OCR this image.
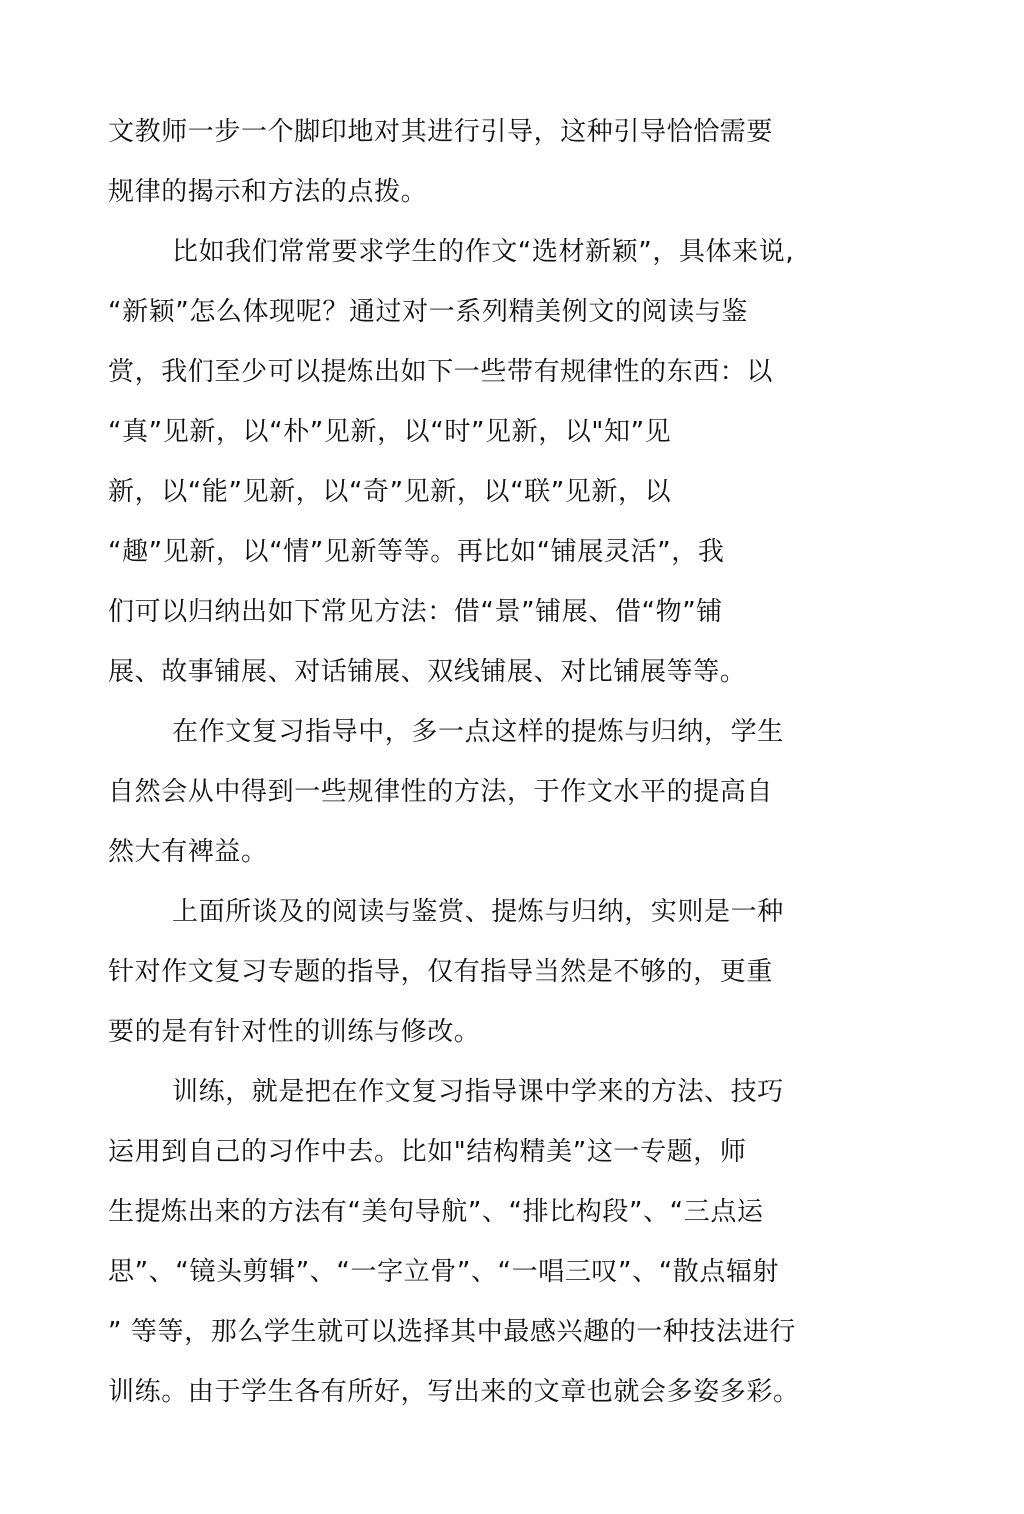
文教师一步一个脚印地对其进行引导，这种引导恰恰需要
规律的揭示和方法的点拨。
比如我们常常要求学生的作文“选材新颖”，具体来说,
“新颖”怎么体现呢？通过对一系列精美例文的阅读与鉴
赏，我们至少可以提炼出如下一些带有规律性的东西：以
“真”见新，以“朴”见新，以“时”见新，以"知”见
新，以“能”见新，以“奇”见新，以“联”见新，以
“趣”见新，以“情”见新等等。再比如“铺展灵活”，我
们可以归纳出如下常见方法：借“景”铺展、借“物”铺
展、故事铺展、对话铺展、双线铺展、对比铺展等等。
在作文复习指导中，多一点这样的提炼与归纳，学生
自然会从中得到一些规律性的方法，于作文水平的提高自
然大有裨益。
上面所谈及的阅读与鉴赏、提炼与归纳，实则是一种
针对作文复习专题的指导，仅有指导当然是不够的，更重
要的是有针对性的训练与修改。
训练，就是把在作文复习指导课中学来的方法、技巧
运用到自己的习作中去。比如"结构精美”这一专题，师
生提炼出来的方法有“美句导航”、“排比构段”、“三点运
思”、“镜头剪辑”、“一字立骨”、“一唱三叹”、“散点辐射
” 等等，那么学生就可以选择其中最感兴趣的一种技法进行
训练。由于学生各有所好，写出来的文章也就会多姿多彩。
